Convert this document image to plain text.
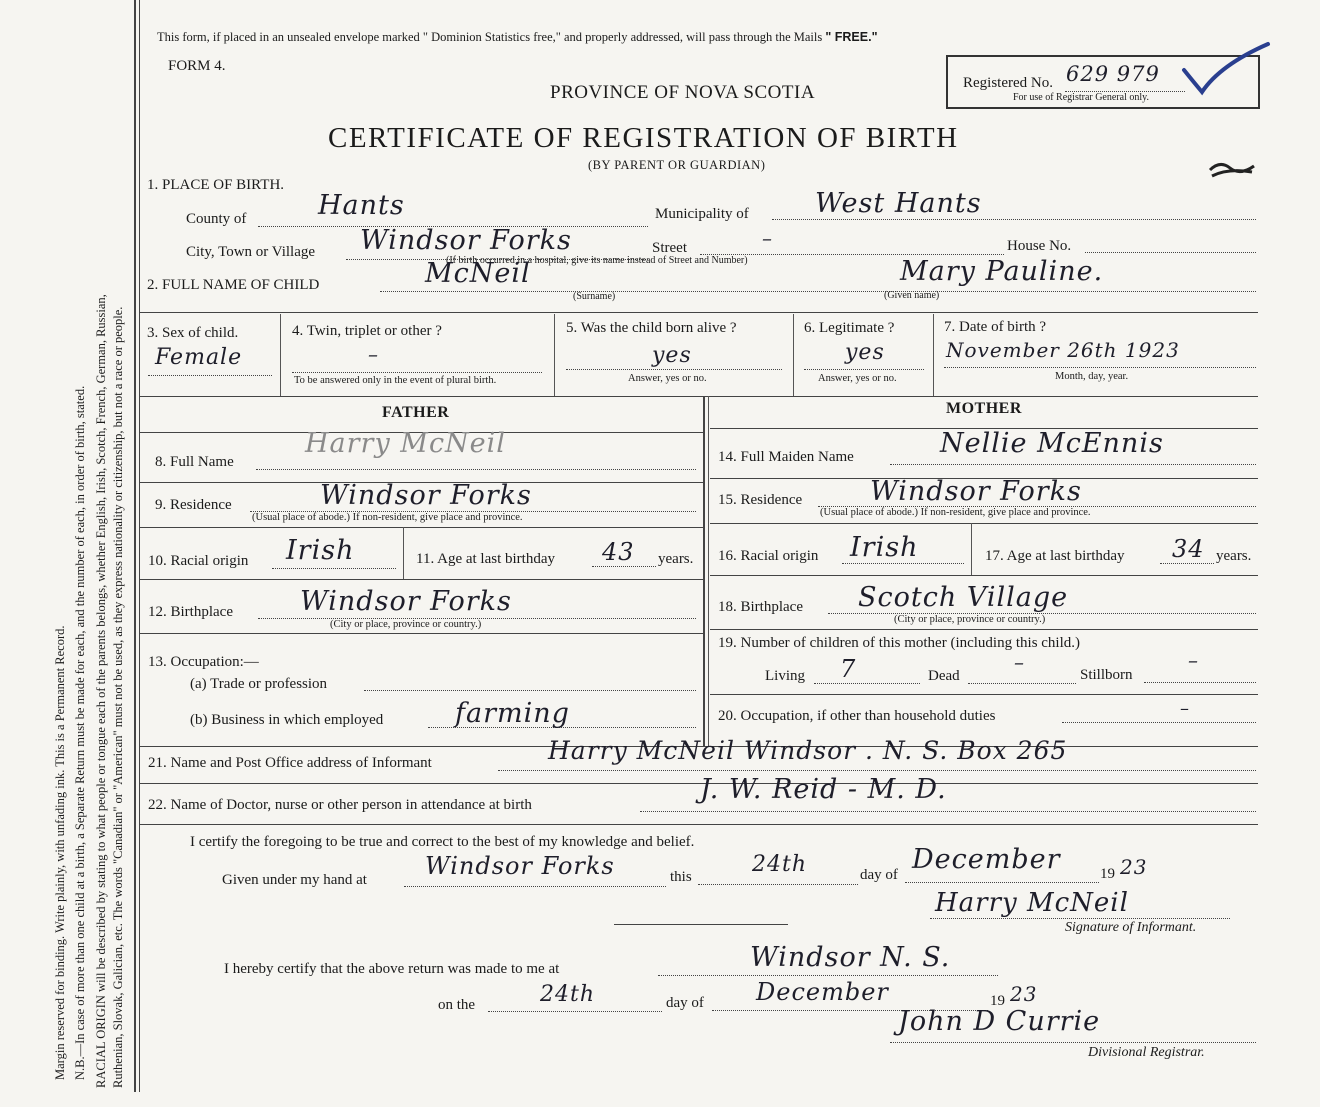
Margin reserved for binding. Write plainly, with unfading ink. This is a Permanent Record. N.B.—In case of more than one child at a birth, a Separate Return must be made for each, and the number of each, in order of birth, stated. RACIAL ORIGIN will be described by stating to what people or tongue each of the parents belongs, whether English, Irish, Scotch, French, German, Russian, Ruthenian, Slovak, Galician, etc. The words "Canadian" or "American" must not be used, as they express nationality or citizenship, but not a race or people.
This form, if placed in an unsealed envelope marked " Dominion Statistics free," and properly addressed, will pass through the Mails " FREE."
FORM 4.
PROVINCE OF NOVA SCOTIA
CERTIFICATE OF REGISTRATION OF BIRTH
(BY PARENT OR GUARDIAN)
Registered No. 629 979
For use of Registrar General only.
1. PLACE OF BIRTH.
County of	Hants	Municipality of West Hants
City, Town or Village Windsor Forks	Street	–	House No.
(If birth occurred in a hospital, give its name instead of Street and Number)
2. FULL NAME OF CHILD	McNeil
(Surname)
Mary Pauline.
(Given name)
3. Sex of child.
Female
4. Twin, triplet or other ?
–
To be answered only in the event of plural birth.
5. Was the child born alive ?
yes
Answer, yes or no.
6. Legitimate ?
yes
Answer, yes or no.
7. Date of birth ?
November 26th 1923
Month, day, year.
FATHER	MOTHER
8. Full Name
Harry McNeil	14. Full Maiden Name	Nellie McEnnis
9. Residence	Windsor Forks
(Usual place of abode.) If non-resident, give place and province.
15. Residence	Windsor Forks
(Usual place of abode.) If non-resident, give place and province.
10. Racial origin Irish	11. Age at last birthday 43 years. 16. Racial origin Irish	17. Age at last birthday 34 years.
12. Birthplace Windsor Forks
(City or place, province or country.)
18. Birthplace Scotch Village
(City or place, province or country.)
13. Occupation:—
(a) Trade or profession
(b) Business in which employed	farming
19. Number of children of this mother (including this child.)
Living 7	Dead
–
Stillborn
–
20. Occupation, if other than household duties	–
21. Name and Post Office address of Informant	Harry McNeil Windsor . N. S. Box 265
22. Name of Doctor, nurse or other person in attendance at birth	J. W. Reid - M. D.
I certify the foregoing to be true and correct to the best of my knowledge and belief.
Given under my hand at Windsor Forks	this	24th	day of December	19 23
Harry McNeil
Signature of Informant.
I hereby certify that the above return was made to me at	Windsor N. S.
on the	24th	day of December	19 23
John D Currie
Divisional Registrar.
